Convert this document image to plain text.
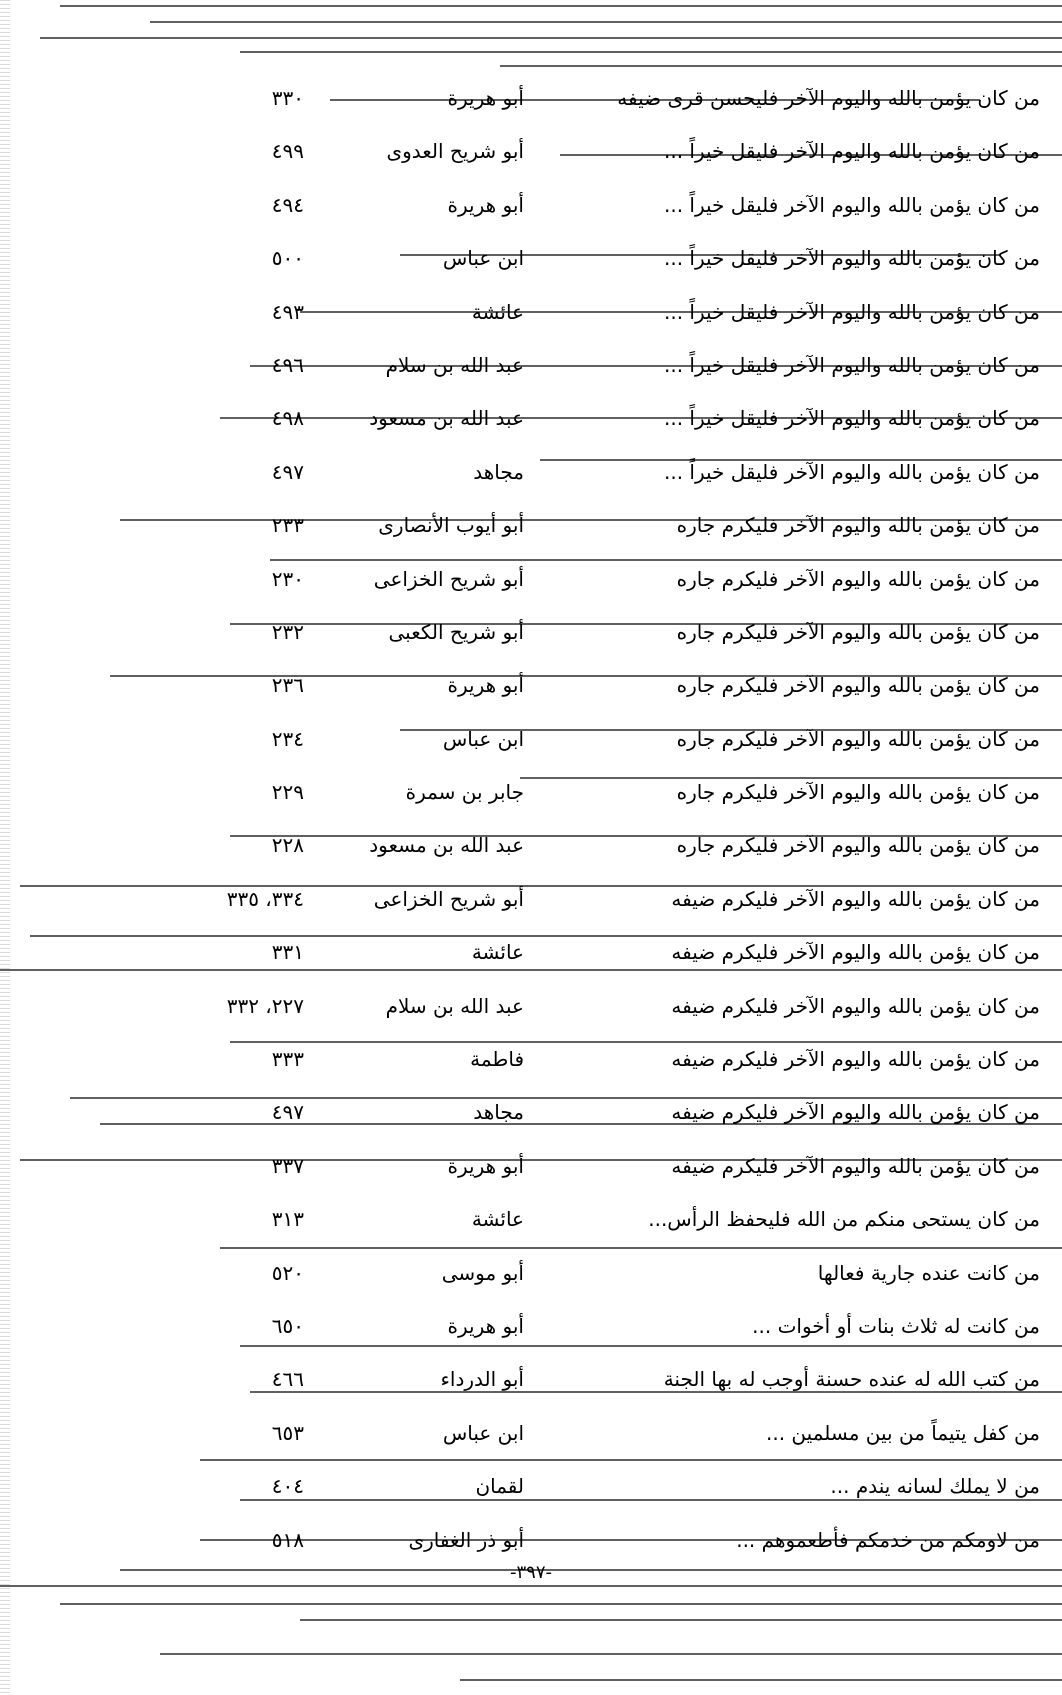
من كان يؤمن بالله واليوم الآخر فليحسن قرى ضيفه
أبو هريرة
٣٣٠
من كان يؤمن بالله واليوم الآخر فليقل خيراً ...
أبو شريح العدوى
٤٩٩
من كان يؤمن بالله واليوم الآخر فليقل خيراً ...
أبو هريرة
٤٩٤
من كان يؤمن بالله واليوم الآخر فليقل خيراً ...
ابن عباس
٥٠٠
من كان يؤمن بالله واليوم الآخر فليقل خيراً ...
عائشة
٤٩٣
من كان يؤمن بالله واليوم الآخر فليقل خيراً ...
عبد الله بن سلام
٤٩٦
من كان يؤمن بالله واليوم الآخر فليقل خيراً ...
عبد الله بن مسعود
٤٩٨
من كان يؤمن بالله واليوم الآخر فليقل خيراً ...
مجاهد
٤٩٧
من كان يؤمن بالله واليوم الآخر فليكرم جاره
أبو أيوب الأنصارى
٢٣٣
من كان يؤمن بالله واليوم الآخر فليكرم جاره
أبو شريح الخزاعى
٢٣٠
من كان يؤمن بالله واليوم الآخر فليكرم جاره
أبو شريح الكعبى
٢٣٢
من كان يؤمن بالله واليوم الآخر فليكرم جاره
أبو هريرة
٢٣٦
من كان يؤمن بالله واليوم الآخر فليكرم جاره
ابن عباس
٢٣٤
من كان يؤمن بالله واليوم الآخر فليكرم جاره
جابر بن سمرة
٢٢٩
من كان يؤمن بالله واليوم الآخر فليكرم جاره
عبد الله بن مسعود
٢٢٨
من كان يؤمن بالله واليوم الآخر فليكرم ضيفه
أبو شريح الخزاعى
٣٣٤، ٣٣٥
من كان يؤمن بالله واليوم الآخر فليكرم ضيفه
عائشة
٣٣١
من كان يؤمن بالله واليوم الآخر فليكرم ضيفه
عبد الله بن سلام
٢٢٧، ٣٣٢
من كان يؤمن بالله واليوم الآخر فليكرم ضيفه
فاطمة
٣٣٣
من كان يؤمن بالله واليوم الآخر فليكرم ضيفه
مجاهد
٤٩٧
من كان يؤمن بالله واليوم الآخر فليكرم ضيفه
أبو هريرة
٣٣٧
من كان يستحى منكم من الله فليحفظ الرأس...
عائشة
٣١٣
من كانت عنده جارية فعالها
أبو موسى
٥٢٠
من كانت له ثلاث بنات أو أخوات ...
أبو هريرة
٦٥٠
من كتب الله له عنده حسنة أوجب له بها الجنة
أبو الدرداء
٤٦٦
من كفل يتيماً من بين مسلمين ...
ابن عباس
٦٥٣
من لا يملك لسانه يندم ...
لقمان
٤٠٤
من لاومكم من خدمكم فأطعموهم ...
أبو ذر الغفارى
٥١٨
-٣٩٧-
